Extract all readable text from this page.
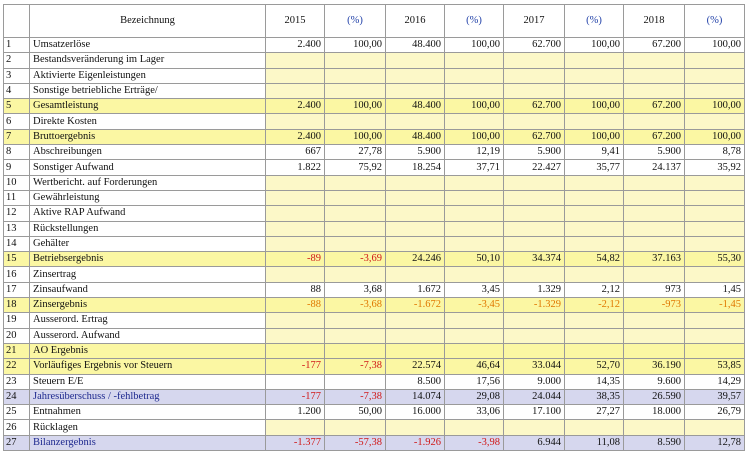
	Bezeichnung	2015	(%)	2016	(%)	2017	(%)	2018	(%)
1	Umsatzerlöse	2.400	100,00	48.400	100,00	62.700	100,00	67.200	100,00
2	Bestandsveränderung im Lager								
3	Aktivierte Eigenleistungen								
4	Sonstige betriebliche Erträge/								
5	Gesamtleistung	2.400	100,00	48.400	100,00	62.700	100,00	67.200	100,00
6	Direkte Kosten								
7	Bruttoergebnis	2.400	100,00	48.400	100,00	62.700	100,00	67.200	100,00
8	Abschreibungen	667	27,78	5.900	12,19	5.900	9,41	5.900	8,78
9	Sonstiger Aufwand	1.822	75,92	18.254	37,71	22.427	35,77	24.137	35,92
10	Wertbericht. auf Forderungen								
11	Gewährleistung								
12	Aktive RAP Aufwand								
13	Rückstellungen								
14	Gehälter								
15	Betriebsergebnis	-89	-3,69	24.246	50,10	34.374	54,82	37.163	55,30
16	Zinsertrag								
17	Zinsaufwand	88	3,68	1.672	3,45	1.329	2,12	973	1,45
18	Zinsergebnis	-88	-3,68	-1.672	-3,45	-1.329	-2,12	-973	-1,45
19	Ausserord. Ertrag								
20	Ausserord. Aufwand								
21	AO Ergebnis								
22	Vorläufiges Ergebnis vor Steuern	-177	-7,38	22.574	46,64	33.044	52,70	36.190	53,85
23	Steuern E/E			8.500	17,56	9.000	14,35	9.600	14,29
24	Jahresüberschuss / -fehlbetrag	-177	-7,38	14.074	29,08	24.044	38,35	26.590	39,57
25	Entnahmen	1.200	50,00	16.000	33,06	17.100	27,27	18.000	26,79
26	Rücklagen								
27	Bilanzergebnis	-1.377	-57,38	-1.926	-3,98	6.944	11,08	8.590	12,78
